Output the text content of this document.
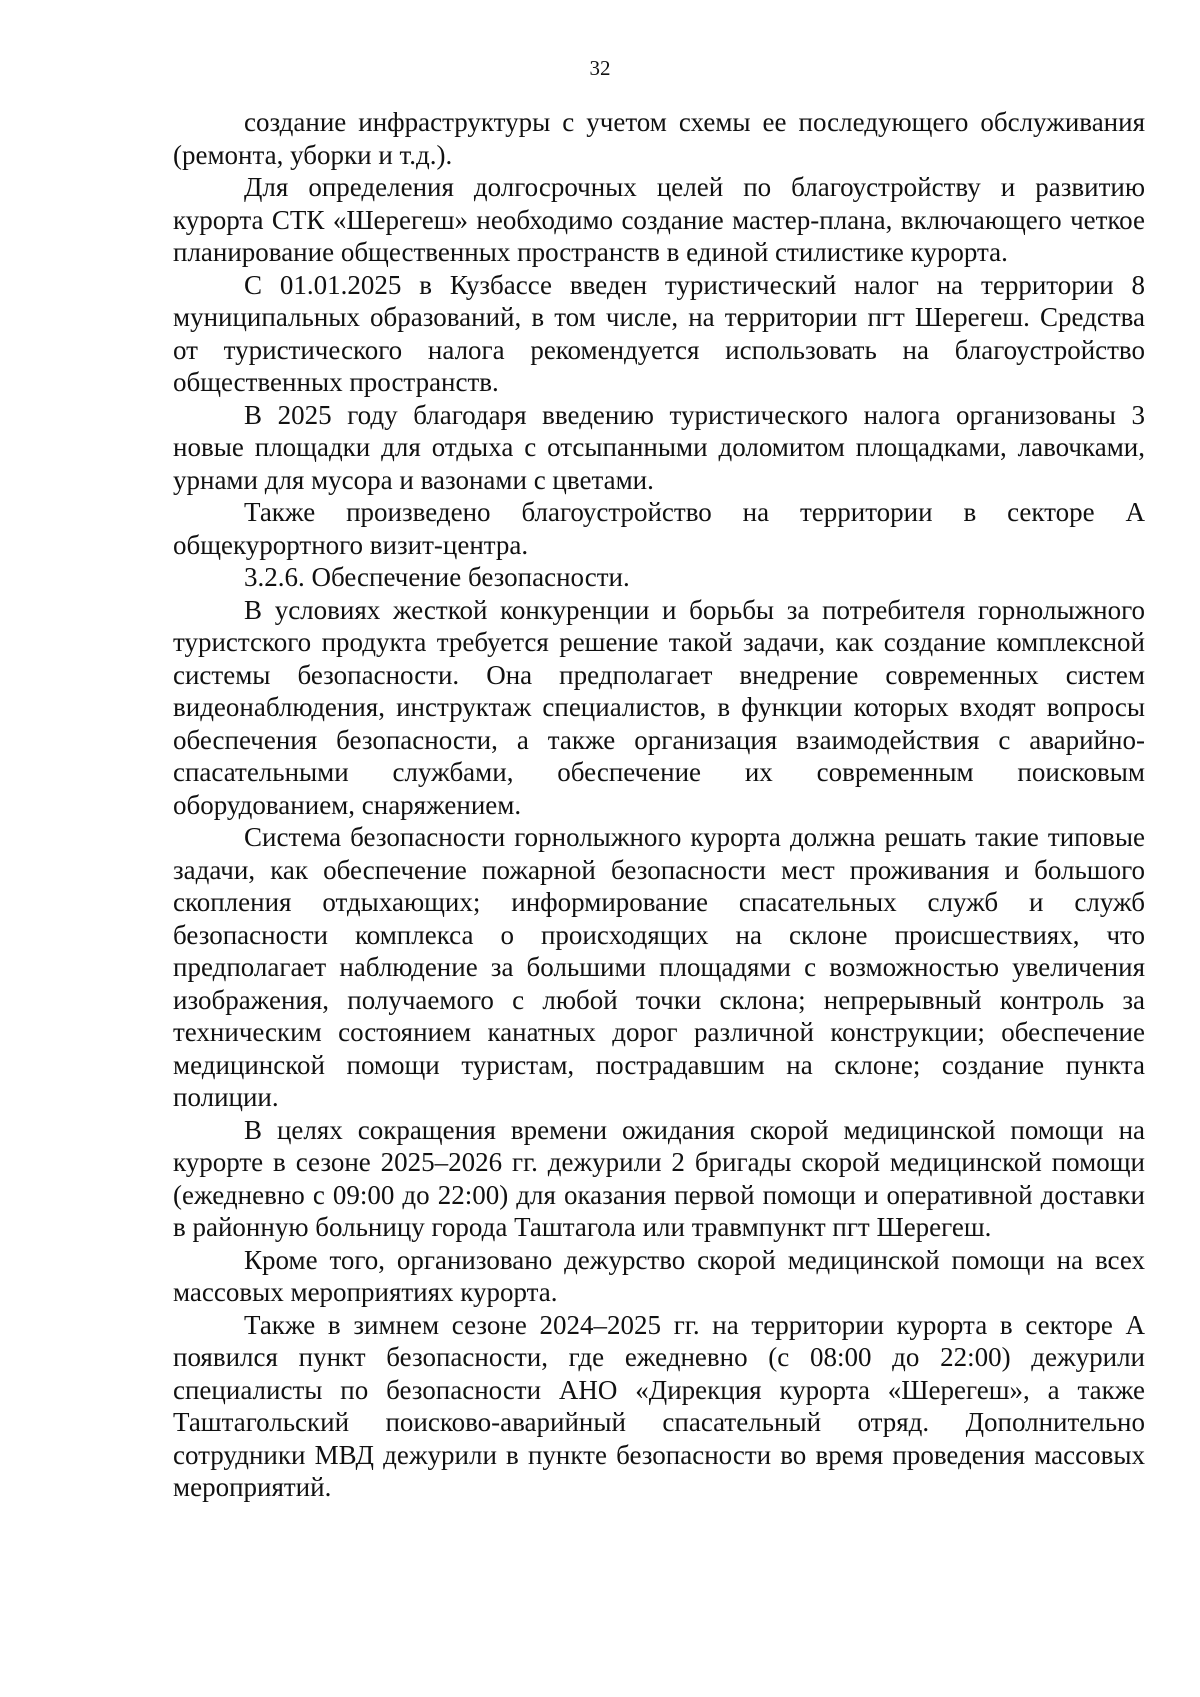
32

создание инфраструктуры с учетом схемы ее последующего обслуживания (ремонта, уборки и т.д.).

Для определения долгосрочных целей по благоустройству и развитию курорта СТК «Шерегеш» необходимо создание мастер-плана, включающего четкое планирование общественных пространств в единой стилистике курорта.

С 01.01.2025 в Кузбассе введен туристический налог на территории 8 муниципальных образований, в том числе, на территории пгт Шерегеш. Средства от туристического налога рекомендуется использовать на благоустройство общественных пространств.

В 2025 году благодаря введению туристического налога организованы 3 новые площадки для отдыха с отсыпанными доломитом площадками, лавочками, урнами для мусора и вазонами с цветами.

Также произведено благоустройство на территории в секторе А общекурортного визит-центра.

3.2.6. Обеспечение безопасности.

В условиях жесткой конкуренции и борьбы за потребителя горнолыжного туристского продукта требуется решение такой задачи, как создание комплексной системы безопасности. Она предполагает внедрение современных систем видеонаблюдения, инструктаж специалистов, в функции которых входят вопросы обеспечения безопасности, а также организация взаимодействия с аварийно-спасательными службами, обеспечение их современным поисковым оборудованием, снаряжением.

Система безопасности горнолыжного курорта должна решать такие типовые задачи, как обеспечение пожарной безопасности мест проживания и большого скопления отдыхающих; информирование спасательных служб и служб безопасности комплекса о происходящих на склоне происшествиях, что предполагает наблюдение за большими площадями с возможностью увеличения изображения, получаемого с любой точки склона; непрерывный контроль за техническим состоянием канатных дорог различной конструкции; обеспечение медицинской помощи туристам, пострадавшим на склоне; создание пункта полиции.

В целях сокращения времени ожидания скорой медицинской помощи на курорте в сезоне 2025–2026 гг. дежурили 2 бригады скорой медицинской помощи (ежедневно с 09:00 до 22:00) для оказания первой помощи и оперативной доставки в районную больницу города Таштагола или травмпункт пгт Шерегеш.

Кроме того, организовано дежурство скорой медицинской помощи на всех массовых мероприятиях курорта.

Также в зимнем сезоне 2024–2025 гг. на территории курорта в секторе А появился пункт безопасности, где ежедневно (с 08:00 до 22:00) дежурили специалисты по безопасности АНО «Дирекция курорта «Шерегеш», а также Таштагольский поисково-аварийный спасательный отряд. Дополнительно сотрудники МВД дежурили в пункте безопасности во время проведения массовых мероприятий.
